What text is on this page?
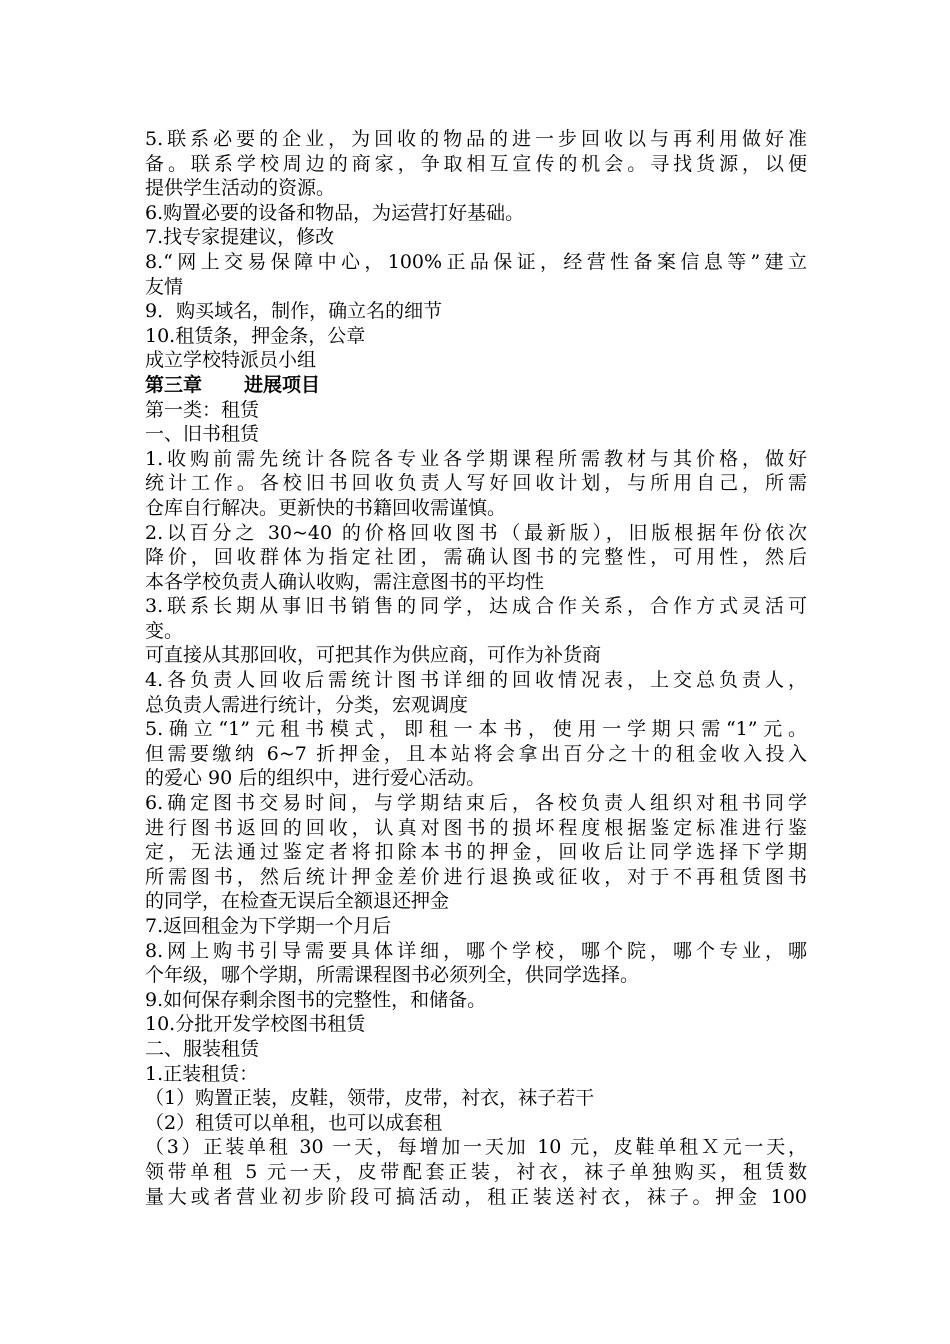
5.联系必要的企业，为回收的物品的进一步回收以与再利用做好准
备。联系学校周边的商家，争取相互宣传的机会。寻找货源，以便
提供学生活动的资源。
6.购置必要的设备和物品，为运营打好基础。
7.找专家提建议，修改
8.“网上交易保障中心，100%正品保证，经营性备案信息等”建立
友情
9．购买域名，制作，确立名的细节
10.租赁条，押金条，公章
成立学校特派员小组
第三章 进展项目
第一类：租赁
一、旧书租赁
1.收购前需先统计各院各专业各学期课程所需教材与其价格，做好
统计工作。各校旧书回收负责人写好回收计划，与所用自己，所需
仓库自行解决。更新快的书籍回收需谨慎。
2.以百分之 30~40 的价格回收图书（最新版），旧版根据年份依次
降价，回收群体为指定社团，需确认图书的完整性，可用性，然后
本各学校负责人确认收购，需注意图书的平均性
3.联系长期从事旧书销售的同学，达成合作关系，合作方式灵活可
变。
可直接从其那回收，可把其作为供应商，可作为补货商
4.各负责人回收后需统计图书详细的回收情况表，上交总负责人，
总负责人需进行统计，分类，宏观调度
5.确立“1”元租书模式，即租一本书，使用一学期只需“1”元。
但需要缴纳 6~7 折押金，且本站将会拿出百分之十的租金收入投入
的爱心 90 后的组织中，进行爱心活动。
6.确定图书交易时间，与学期结束后，各校负责人组织对租书同学
进行图书返回的回收，认真对图书的损坏程度根据鉴定标准进行鉴
定，无法通过鉴定者将扣除本书的押金，回收后让同学选择下学期
所需图书，然后统计押金差价进行退换或征收，对于不再租赁图书
的同学，在检查无误后全额退还押金
7.返回租金为下学期一个月后
8.网上购书引导需要具体详细，哪个学校，哪个院，哪个专业，哪
个年级，哪个学期，所需课程图书必须列全，供同学选择。
9.如何保存剩余图书的完整性，和储备。
10.分批开发学校图书租赁
二、服装租赁
1.正装租赁：
（1）购置正装，皮鞋，领带，皮带，衬衣，袜子若干
（2）租赁可以单租，也可以成套租
（3）正装单租 30 一天，每增加一天加 10 元，皮鞋单租Ｘ元一天，
领带单租 5 元一天，皮带配套正装，衬衣，袜子单独购买，租赁数
量大或者营业初步阶段可搞活动，租正装送衬衣，袜子。押金 100
